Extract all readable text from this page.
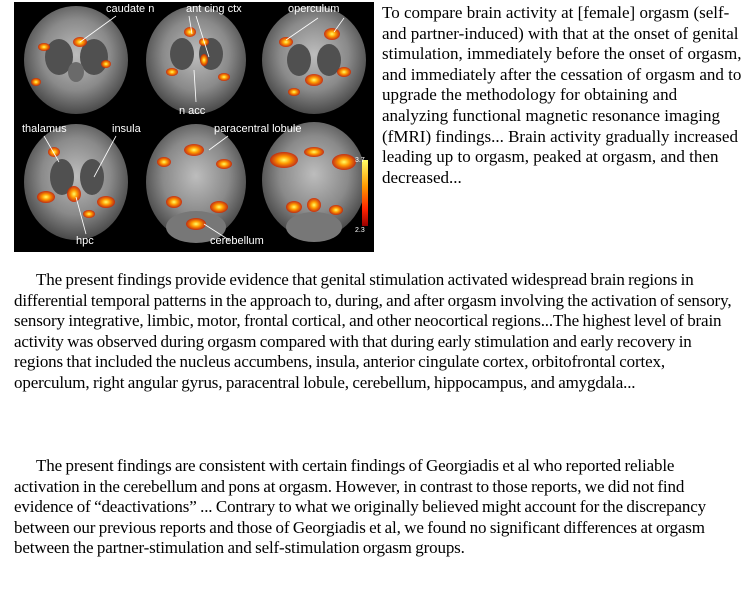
caudate n	ant cing ctx	operculum
n acc
thalamus	insula	paracentral lobule
hpc	cerebellum
3.7
2.3

To compare brain activity at [female] orgasm (self- and partner-induced) with that at the onset of genital stimulation, immediately before the onset of orgasm, and immediately after the cessation of orgasm and to upgrade the methodology for obtaining and analyzing functional magnetic resonance imaging (fMRI) findings... Brain activity gradually increased leading up to orgasm, peaked at orgasm, and then decreased...

The present findings provide evidence that genital stimulation activated widespread brain regions in differential temporal patterns in the approach to, during, and after orgasm involving the activation of sensory, sensory integrative, limbic, motor, frontal cortical, and other neocortical regions...The highest level of brain activity was observed during orgasm compared with that during early stimulation and early recovery in regions that included the nucleus accumbens, insula, anterior cingulate cortex, orbitofrontal cortex, operculum, right angular gyrus, paracentral lobule, cerebellum, hippocampus, and amygdala...

The present findings are consistent with certain findings of Georgiadis et al who reported reliable activation in the cerebellum and pons at orgasm. However, in contrast to those reports, we did not find evidence of “deactivations” ... Contrary to what we originally believed might account for the discrepancy between our previous reports and those of Georgiadis et al, we found no significant differences at orgasm between the partner-stimulation and self-stimulation orgasm groups.
